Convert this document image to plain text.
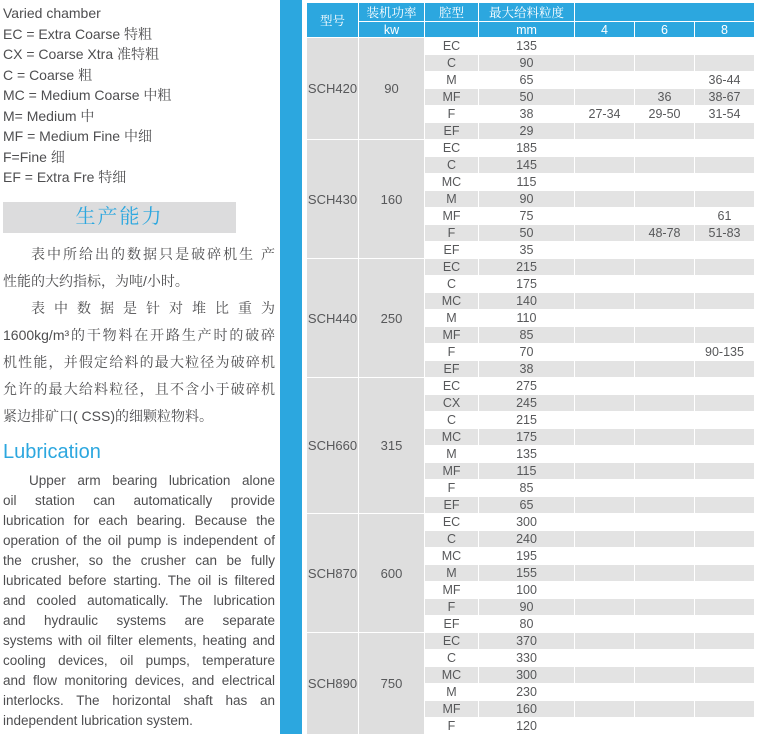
Varied chamber
EC = Extra Coarse 特粗
CX = Coarse Xtra 准特粗
C = Coarse 粗
MC = Medium Coarse 中粗
M= Medium 中
MF = Medium Fine 中细
F=Fine 细
EF = Extra Fre 特细
生产能力
表中所给出的数据只是破碎机生 产
性能的大约指标，为吨/小时。
表 中 数 据 是 针 对 堆 比 重 为
1600kg/m³的干物料在开路生产时的破碎
机性能，并假定给料的最大粒径为破碎机
允许的最大给料粒径，且不含小于破碎机
紧边排矿口( CSS)的细颗粒物料。
Lubrication
Upper arm bearing lubrication alone
oil station can automatically provide
lubrication for each bearing. Because the
operation of the oil pump is independent of
the crusher, so the crusher can be fully
lubricated before starting. The oil is filtered
and cooled automatically. The lubrication
and hydraulic systems are separate
systems with oil filter elements, heating and
cooling devices, oil pumps, temperature
and flow monitoring devices, and electrical
interlocks. The horizontal shaft has an
independent lubrication system.
型号	装机功率	腔型	最大给料粒度			
	kw		mm	4	6	8
SCH420	90	EC	135			
		C	90			
		M	65			36-44
		MF	50		36	38-67
		F	38	27-34	29-50	31-54
		EF	29			
SCH430	160	EC	185			
		C	145			
		MC	115			
		M	90			
		MF	75			61
		F	50		48-78	51-83
		EF	35			
SCH440	250	EC	215			
		C	175			
		MC	140			
		M	110			
		MF	85			
		F	70			90-135
		EF	38			
SCH660	315	EC	275			
		CX	245			
		C	215			
		MC	175			
		M	135			
		MF	115			
		F	85			
		EF	65			
SCH870	600	EC	300			
		C	240			
		MC	195			
		M	155			
		MF	100			
		F	90			
		EF	80			
SCH890	750	EC	370			
		C	330			
		MC	300			
		M	230			
		MF	160			
		F	120			
